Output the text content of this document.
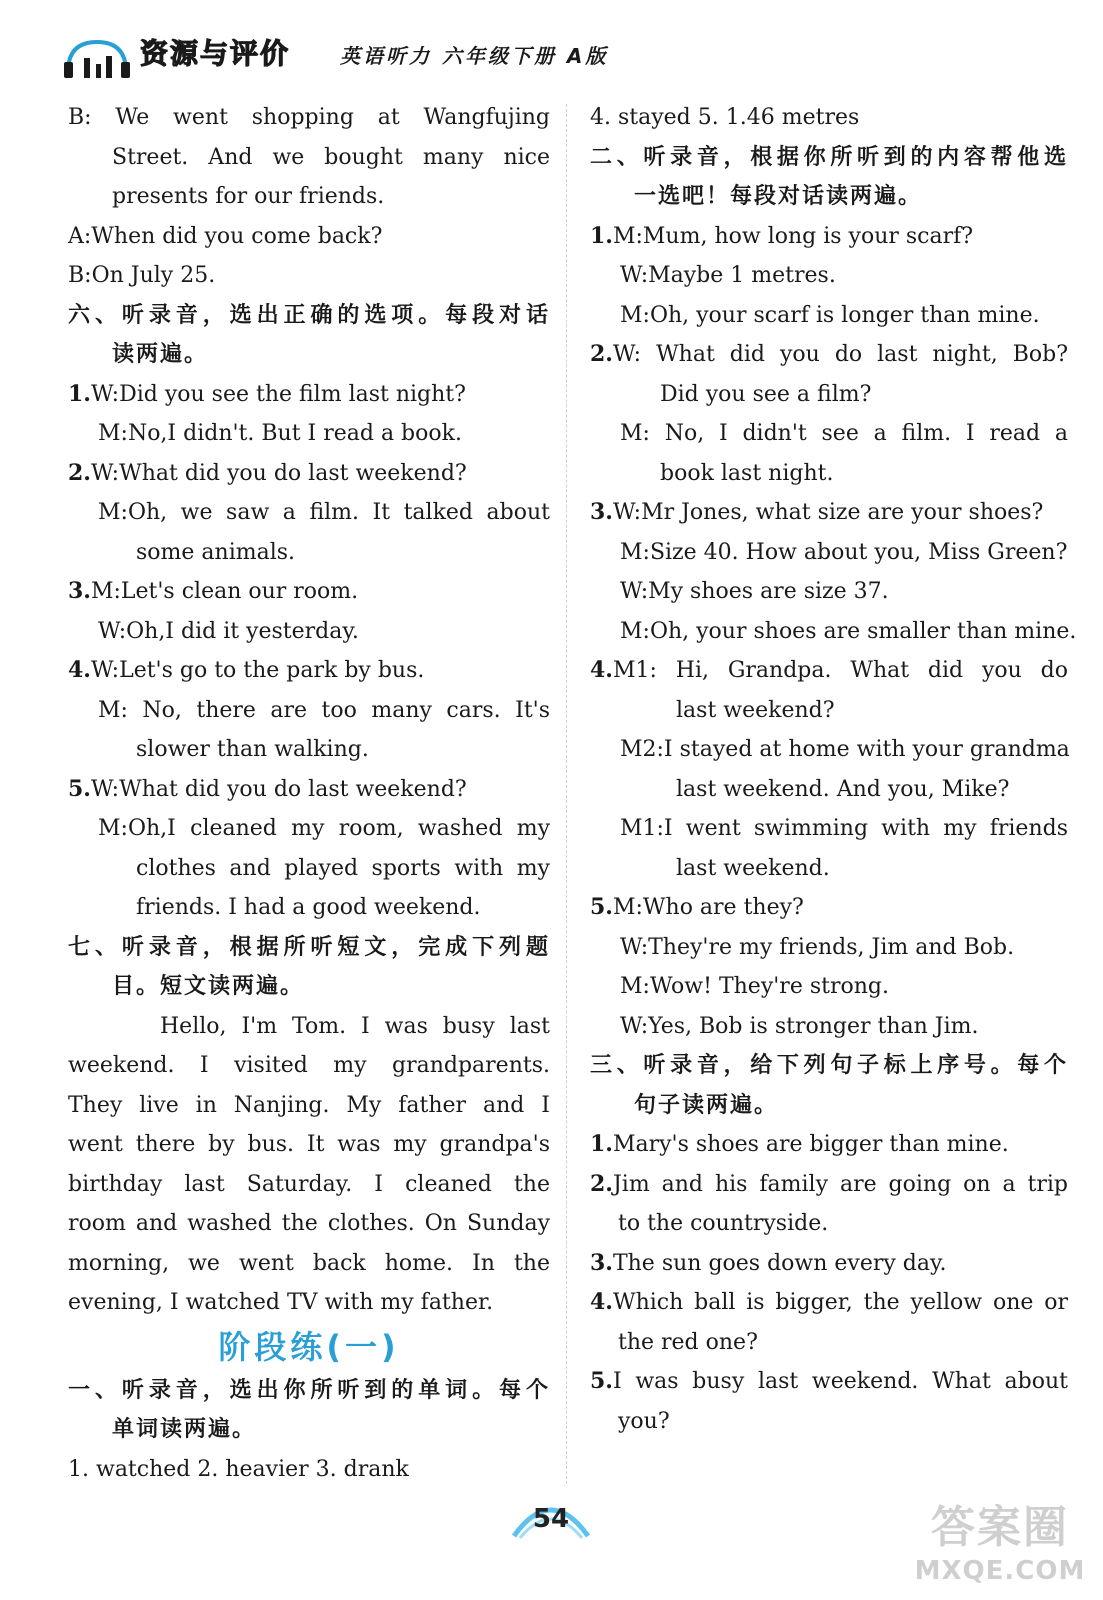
资源与评价 英语听力 六年级下册 A版
B: We went shopping at Wangfujing
Street. And we bought many nice
presents for our friends.
A:When did you come back?
B:On July 25.
六、听录音，选出正确的选项。每段对话
读两遍。
1.W:Did you see the film last night?
M:No,I didn't. But I read a book.
2.W:What did you do last weekend?
M:Oh, we saw a film. It talked about
some animals.
3.M:Let's clean our room.
W:Oh,I did it yesterday.
4.W:Let's go to the park by bus.
M: No, there are too many cars. It's
slower than walking.
5.W:What did you do last weekend?
M:Oh,I cleaned my room, washed my
clothes and played sports with my
friends. I had a good weekend.
七、听录音，根据所听短文，完成下列题
目。短文读两遍。
Hello, I'm Tom. I was busy last
weekend. I visited my grandparents.
They live in Nanjing. My father and I
went there by bus. It was my grandpa's
birthday last Saturday. I cleaned the
room and washed the clothes. On Sunday
morning, we went back home. In the
evening, I watched TV with my father.
阶段练(一)
一、听录音，选出你所听到的单词。每个
单词读两遍。
1. watched 2. heavier 3. drank
4. stayed 5. 1.46 metres
二、听录音，根据你所听到的内容帮他选
一选吧！每段对话读两遍。
1.M:Mum, how long is your scarf?
W:Maybe 1 metres.
M:Oh, your scarf is longer than mine.
2.W: What did you do last night, Bob?
Did you see a film?
M: No, I didn't see a film. I read a
book last night.
3.W:Mr Jones, what size are your shoes?
M:Size 40. How about you, Miss Green?
W:My shoes are size 37.
M:Oh, your shoes are smaller than mine.
4.M1: Hi, Grandpa. What did you do
last weekend?
M2:I stayed at home with your grandma
last weekend. And you, Mike?
M1:I went swimming with my friends
last weekend.
5.M:Who are they?
W:They're my friends, Jim and Bob.
M:Wow! They're strong.
W:Yes, Bob is stronger than Jim.
三、听录音，给下列句子标上序号。每个
句子读两遍。
1.Mary's shoes are bigger than mine.
2.Jim and his family are going on a trip
to the countryside.
3.The sun goes down every day.
4.Which ball is bigger, the yellow one or
the red one?
5.I was busy last weekend. What about
you?
54	答案圈
MXQE.COM
